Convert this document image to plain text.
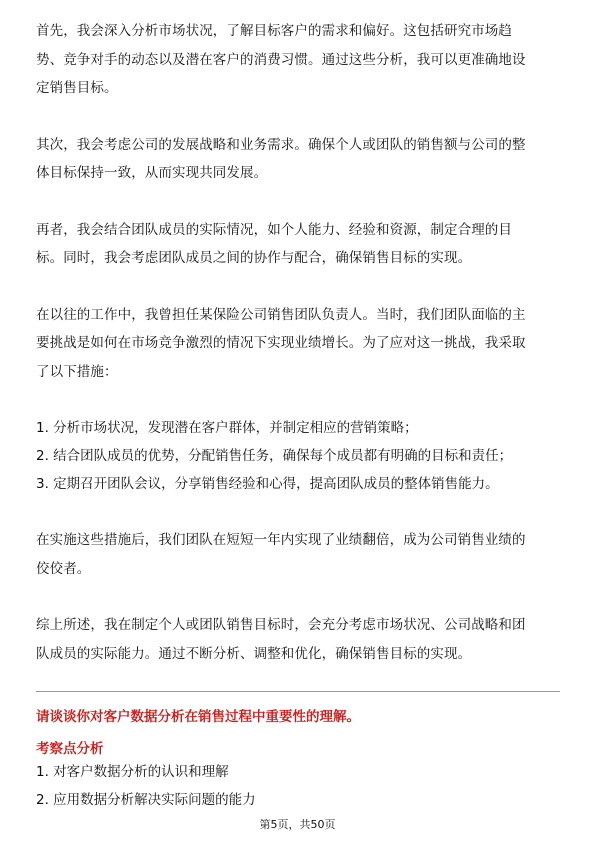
首先，我会深入分析市场状况，了解目标客户的需求和偏好。这包括研究市场趋
势、竞争对手的动态以及潜在客户的消费习惯。通过这些分析，我可以更准确地设
定销售目标。

其次，我会考虑公司的发展战略和业务需求。确保个人或团队的销售额与公司的整
体目标保持一致，从而实现共同发展。

再者，我会结合团队成员的实际情况，如个人能力、经验和资源，制定合理的目
标。同时，我会考虑团队成员之间的协作与配合，确保销售目标的实现。

在以往的工作中，我曾担任某保险公司销售团队负责人。当时，我们团队面临的主
要挑战是如何在市场竞争激烈的情况下实现业绩增长。为了应对这一挑战，我采取
了以下措施：

1. 分析市场状况，发现潜在客户群体，并制定相应的营销策略；

2. 结合团队成员的优势，分配销售任务，确保每个成员都有明确的目标和责任；

3. 定期召开团队会议，分享销售经验和心得，提高团队成员的整体销售能力。

在实施这些措施后，我们团队在短短一年内实现了业绩翻倍，成为公司销售业绩的
佼佼者。

综上所述，我在制定个人或团队销售目标时，会充分考虑市场状况、公司战略和团
队成员的实际能力。通过不断分析、调整和优化，确保销售目标的实现。

请谈谈你对客户数据分析在销售过程中重要性的理解。

考察点分析

1. 对客户数据分析的认识和理解

2. 应用数据分析解决实际问题的能力

第5页，共50页
